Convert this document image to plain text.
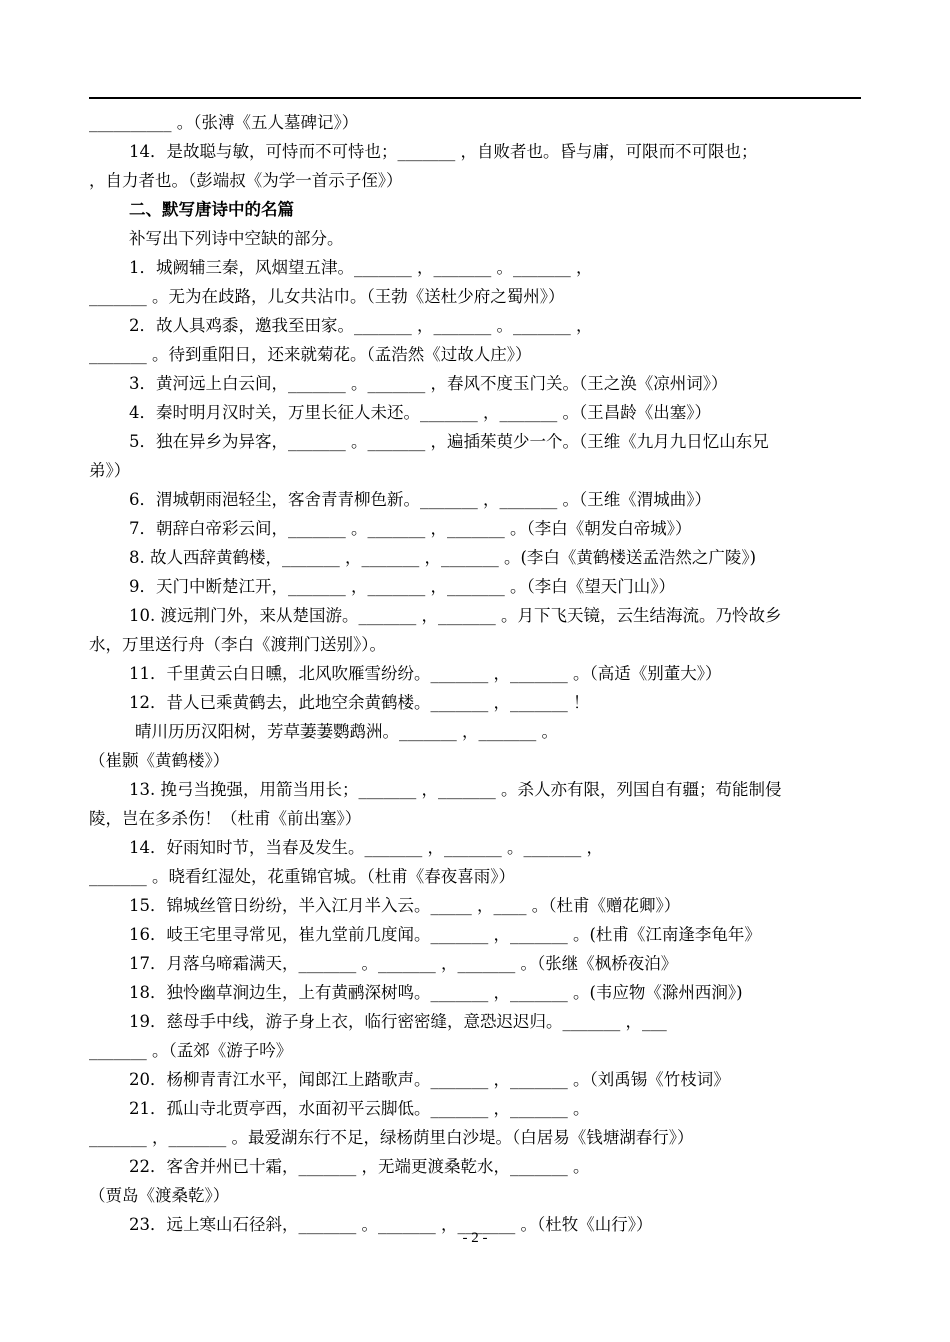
__________ 。（张溥《五人墓碑记》）
14．是故聪与敏，可恃而不可恃也；_______ ，自败者也。昏与庸，可限而不可限也；
，自力者也。（彭端叔《为学一首示子侄》）
二、默写唐诗中的名篇
补写出下列诗中空缺的部分。
1．城阙辅三秦，风烟望五津。_______ ，_______ 。_______ ，
_______ 。无为在歧路，儿女共沾巾。（王勃《送杜少府之蜀州》）
2．故人具鸡黍，邀我至田家。_______ ，_______ 。_______ ，
_______ 。待到重阳日，还来就菊花。（孟浩然《过故人庄》）
3．黄河远上白云间，_______ 。_______ ，春风不度玉门关。（王之涣《凉州词》）
4．秦时明月汉时关，万里长征人未还。_______ ，_______ 。（王昌龄《出塞》）
5．独在异乡为异客，_______ 。_______ ，遍插茱萸少一个。（王维《九月九日忆山东兄
弟》）
6．渭城朝雨浥轻尘，客舍青青柳色新。_______ ，_______ 。（王维《渭城曲》）
7．朝辞白帝彩云间，_______ 。_______ ，_______ 。（李白《朝发白帝城》）
8. 故人西辞黄鹤楼，_______ ，_______ ，_______ 。(李白《黄鹤楼送孟浩然之广陵》)
9．天门中断楚江开，_______ ，_______ ，_______ 。（李白《望天门山》）
10. 渡远荆门外，来从楚国游。_______ ，_______ 。月下飞天镜，云生结海流。乃怜故乡
水，万里送行舟（李白《渡荆门送别》）。
11．千里黄云白日曛，北风吹雁雪纷纷。_______ ，_______ 。（高适《别董大》）
12．昔人已乘黄鹤去，此地空余黄鹤楼。_______ ，_______ ！
晴川历历汉阳树，芳草萋萋鹦鹉洲。_______ ，_______ 。
（崔颢《黄鹤楼》）
13. 挽弓当挽强，用箭当用长；_______ ，_______ 。杀人亦有限，列国自有疆；苟能制侵
陵，岂在多杀伤！（杜甫《前出塞》）
14．好雨知时节，当春及发生。_______ ，_______ 。_______ ，
_______ 。晓看红湿处，花重锦官城。（杜甫《春夜喜雨》）
15．锦城丝管日纷纷，半入江月半入云。_____ ，____ 。（杜甫《赠花卿》）
16．岐王宅里寻常见，崔九堂前几度闻。_______ ，_______ 。(杜甫《江南逢李龟年》
17．月落乌啼霜满天，_______ 。_______ ，_______ 。（张继《枫桥夜泊》
18．独怜幽草涧边生，上有黄鹂深树鸣。_______ ，_______ 。(韦应物《滁州西涧》)
19．慈母手中线，游子身上衣，临行密密缝，意恐迟迟归。_______ ，___
_______ 。（孟郊《游子吟》
20．杨柳青青江水平，闻郎江上踏歌声。_______ ，_______ 。（刘禹锡《竹枝词》
21．孤山寺北贾亭西，水面初平云脚低。_______ ，_______ 。
_______ ，_______ 。最爱湖东行不足，绿杨荫里白沙堤。（白居易《钱塘湖春行》）
22．客舍并州已十霜，_______ ，无端更渡桑乾水，_______ 。
（贾岛《渡桑乾》）
23．远上寒山石径斜，_______ 。_______ ，_______ 。（杜牧《山行》）
- 2 -
